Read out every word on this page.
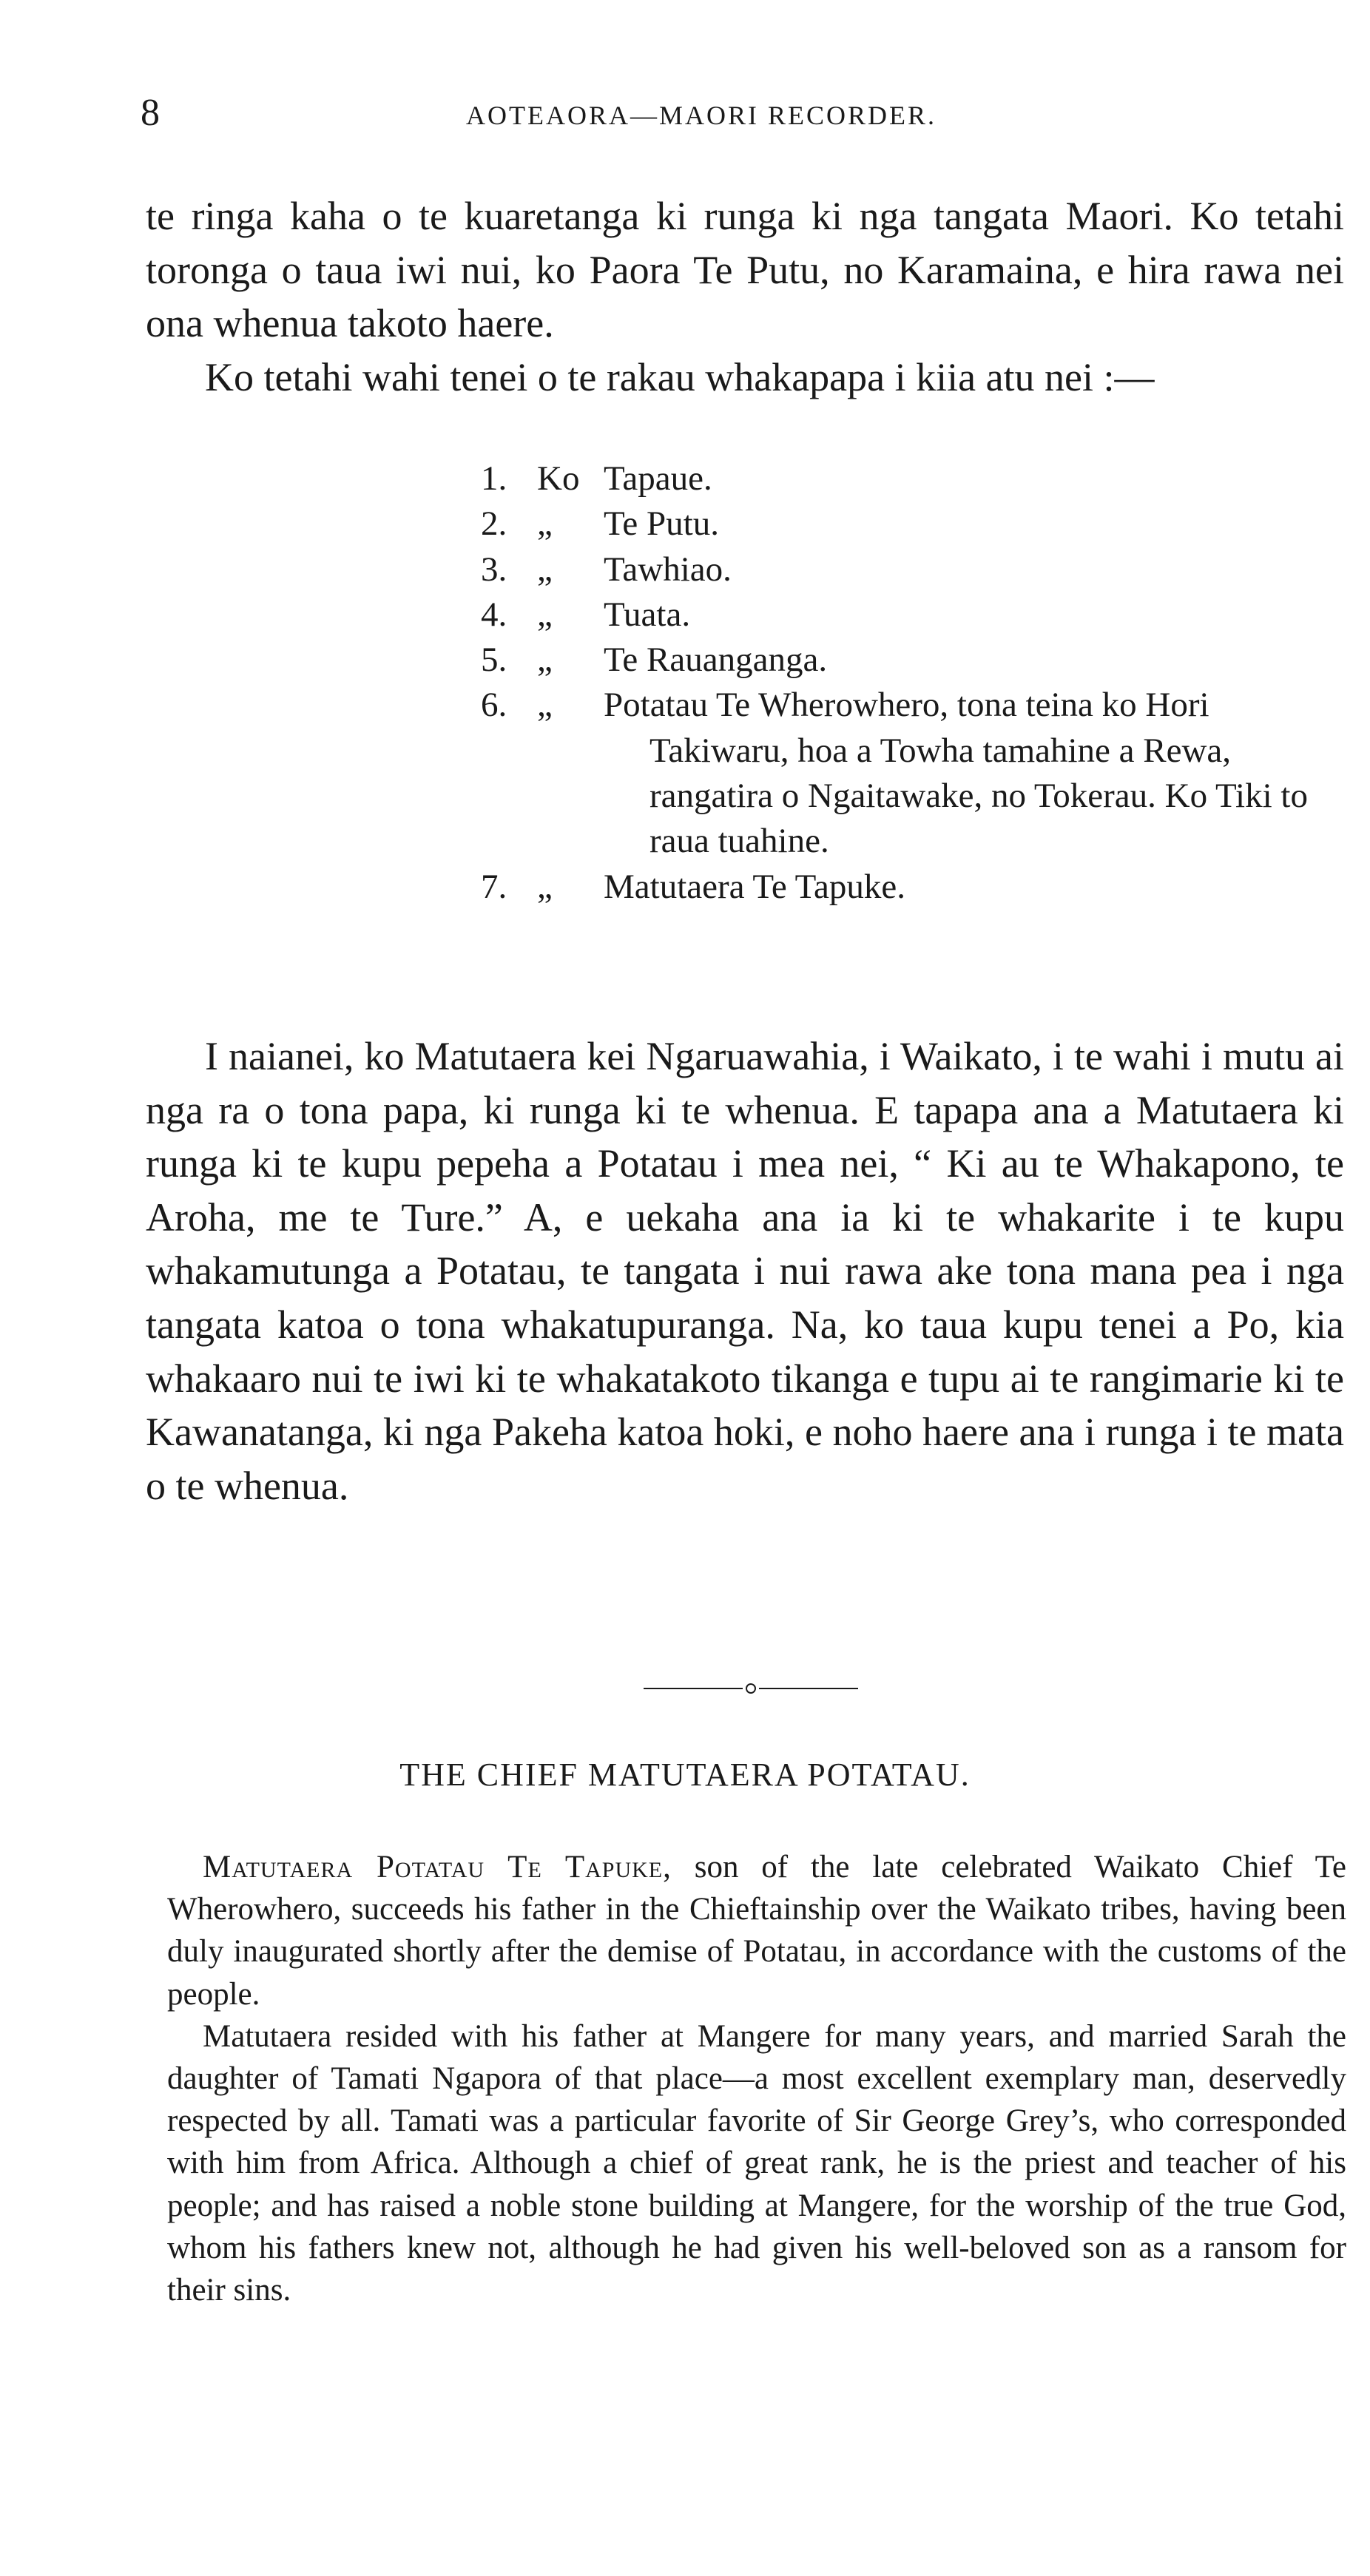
8	AOTEAORA—MAORI RECORDER.

te ringa kaha o te kuaretanga ki runga ki nga tangata Maori. Ko tetahi toronga o taua iwi nui, ko Paora Te Putu, no Karamaina, e hira rawa nei ona whenua takoto haere.

Ko tetahi wahi tenei o te rakau whakapapa i kiia atu nei :—

1. Ko Tapaue.
2. „	Te Putu.
3. „	Tawhiao.
4. „	Tuata.
5. „	Te Rauanganga.
6. „	Potatau Te Wherowhero, tona teina ko Hori
Takiwaru, hoa a Towha tamahine a Rewa, rangatira o Ngaitawake, no Tokerau. Ko Tiki to raua tuahine.
7. „	Matutaera Te Tapuke.

I naianei, ko Matutaera kei Ngaruawahia, i Waikato, i te wahi i mutu ai nga ra o tona papa, ki runga ki te whenua. E tapapa ana a Matutaera ki runga ki te kupu pepeha a Potatau i mea nei, “ Ki au te Whakapono, te Aroha, me te Ture.” A, e uekaha ana ia ki te whakarite i te kupu whakamutunga a Potatau, te tangata i nui rawa ake tona mana pea i nga tangata katoa o tona whakatupuranga. Na, ko taua kupu tenei a Po, kia whakaaro nui te iwi ki te whakatakoto tikanga e tupu ai te rangimarie ki te Kawanatanga, ki nga Pakeha katoa hoki, e noho haere ana i runga i te mata o te whenua.

THE CHIEF MATUTAERA POTATAU.

Matutaera Potatau Te Tapuke, son of the late celebrated Waikato Chief Te Wherowhero, succeeds his father in the Chieftainship over the Waikato tribes, having been duly inaugurated shortly after the demise of Potatau, in accordance with the customs of the people.

Matutaera resided with his father at Mangere for many years, and married Sarah the daughter of Tamati Ngapora of that place—a most excellent exemplary man, deservedly respected by all. Tamati was a particular favorite of Sir George Grey’s, who corresponded with him from Africa. Although a chief of great rank, he is the priest and teacher of his people; and has raised a noble stone building at Mangere, for the worship of the true God, whom his fathers knew not, although he had given his well-beloved son as a ransom for their sins.
